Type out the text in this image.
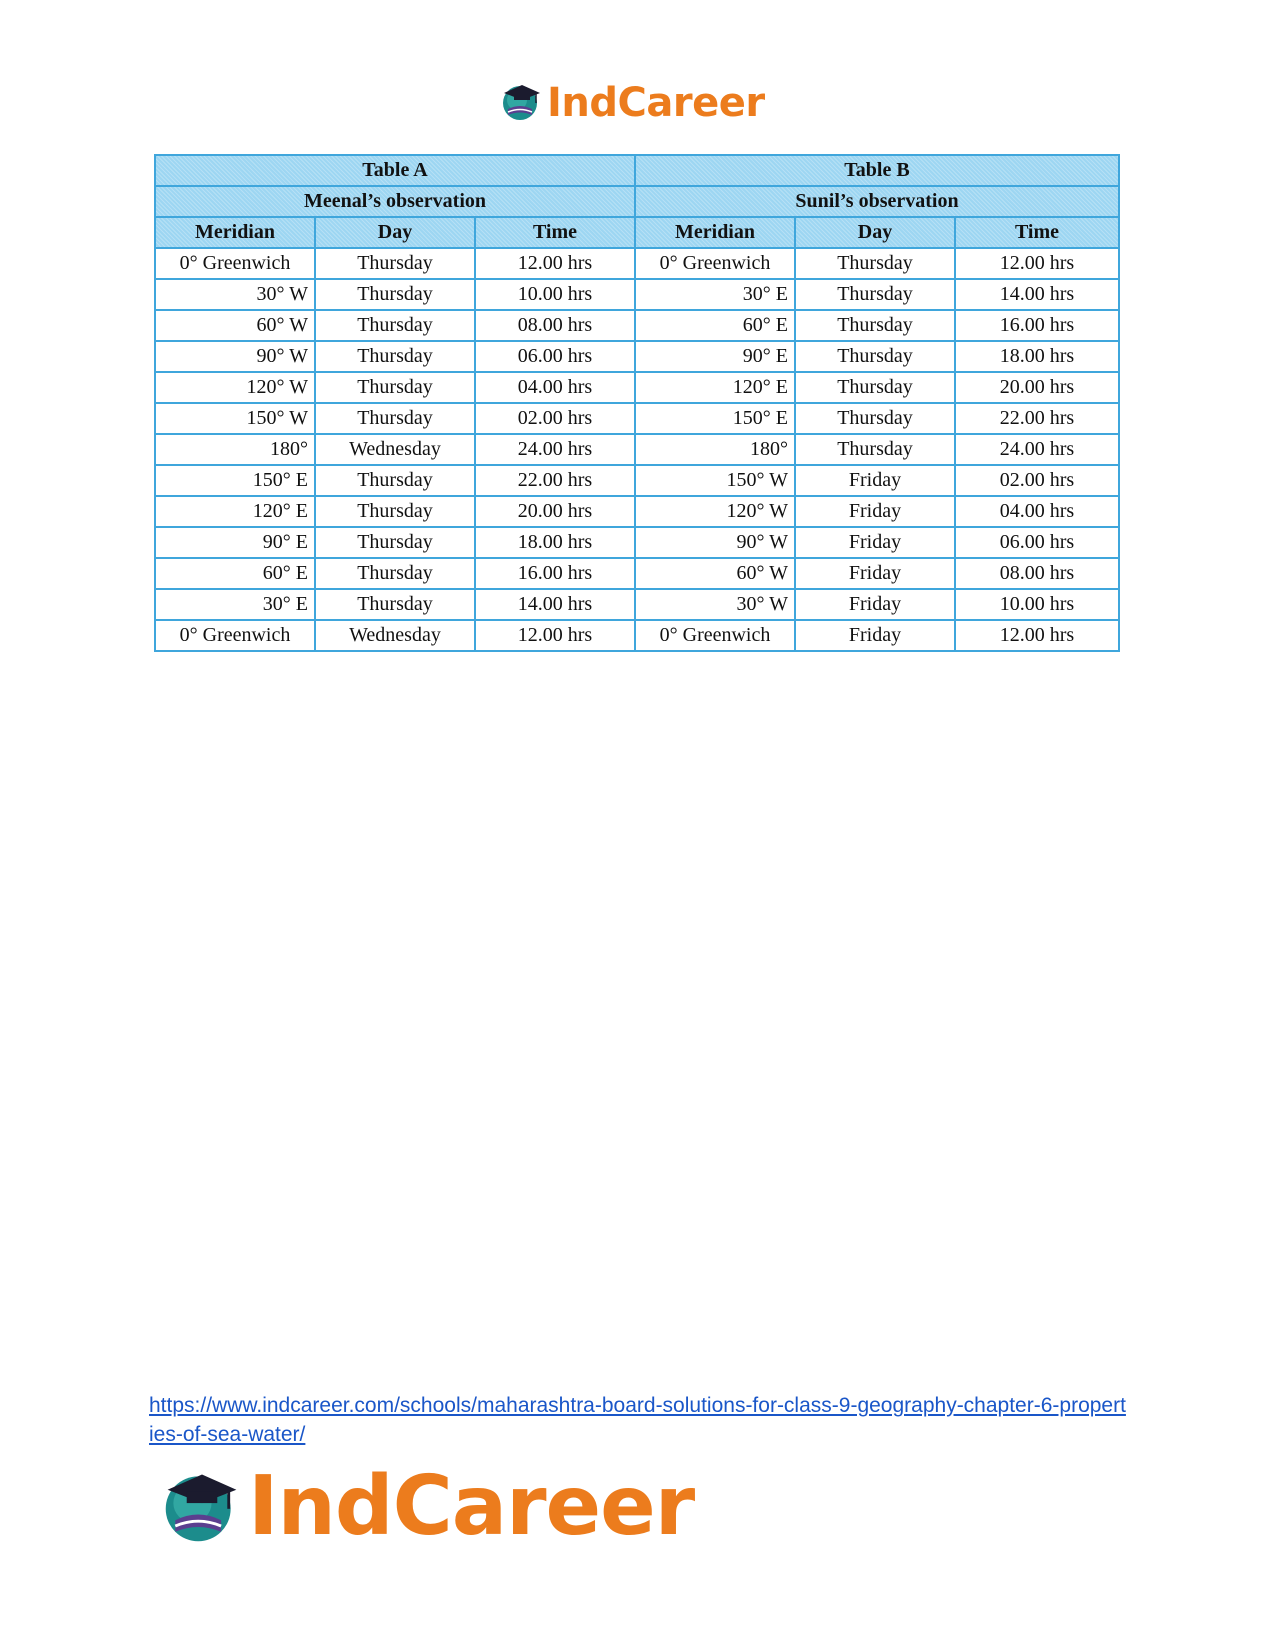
IndCareer
Table A			Table B		
Meenal’s observation			Sunil’s observation		
Meridian	Day	Time	Meridian	Day	Time
0° Greenwich	Thursday	12.00 hrs	0° Greenwich	Thursday	12.00 hrs
30° W	Thursday	10.00 hrs	30° E	Thursday	14.00 hrs
60° W	Thursday	08.00 hrs	60° E	Thursday	16.00 hrs
90° W	Thursday	06.00 hrs	90° E	Thursday	18.00 hrs
120° W	Thursday	04.00 hrs	120° E	Thursday	20.00 hrs
150° W	Thursday	02.00 hrs	150° E	Thursday	22.00 hrs
180°	Wednesday	24.00 hrs	180°	Thursday	24.00 hrs
150° E	Thursday	22.00 hrs	150° W	Friday	02.00 hrs
120° E	Thursday	20.00 hrs	120° W	Friday	04.00 hrs
90° E	Thursday	18.00 hrs	90° W	Friday	06.00 hrs
60° E	Thursday	16.00 hrs	60° W	Friday	08.00 hrs
30° E	Thursday	14.00 hrs	30° W	Friday	10.00 hrs
0° Greenwich	Wednesday	12.00 hrs	0° Greenwich	Friday	12.00 hrs
https://www.indcareer.com/schools/maharashtra-board-solutions-for-class-9-geography-chapter-6-properties-of-sea-water/
IndCareer
